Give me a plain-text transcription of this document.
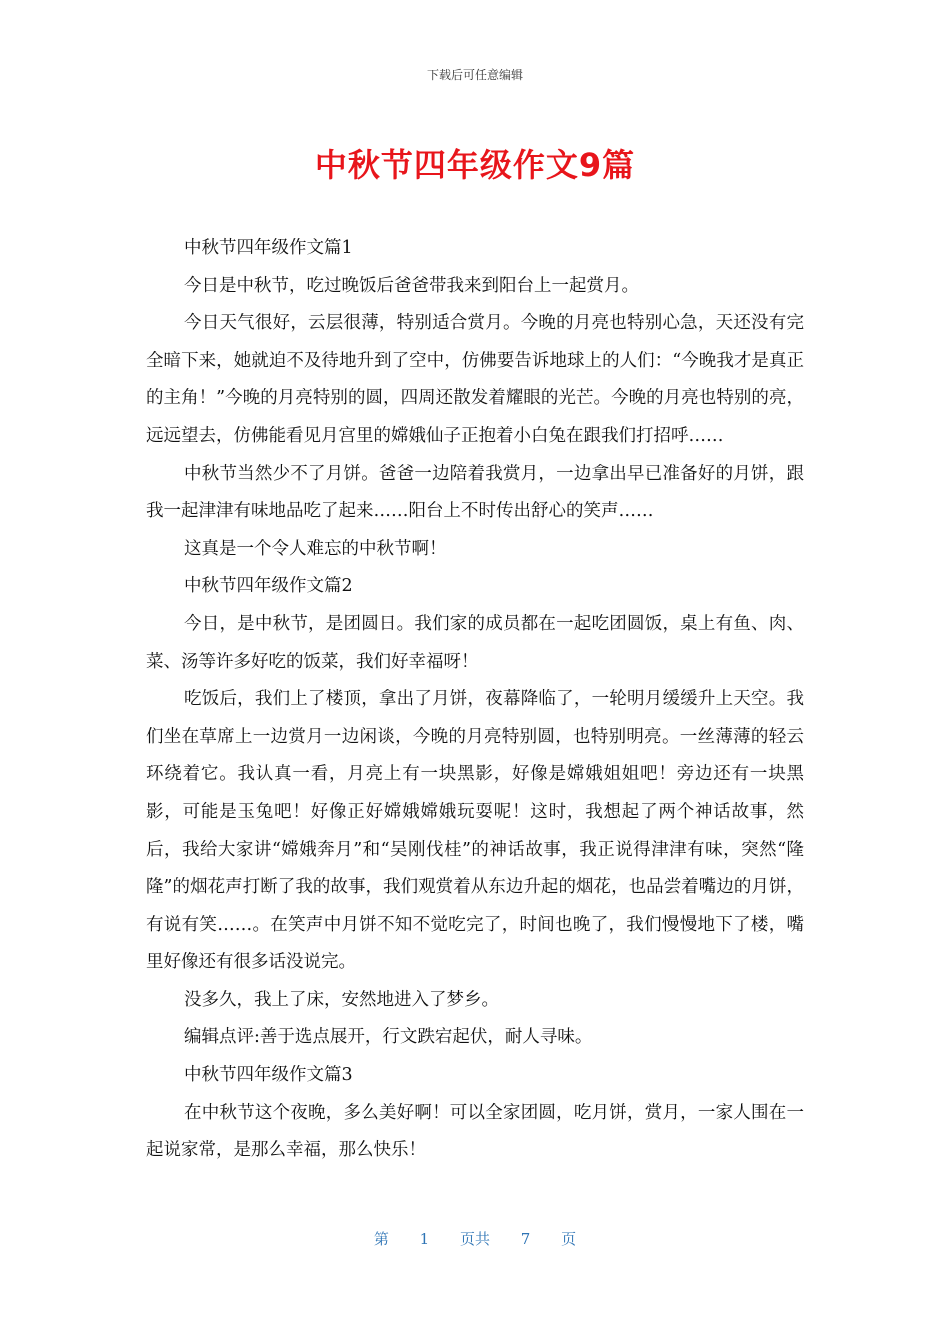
下载后可任意编辑
中秋节四年级作文9篇

中秋节四年级作文篇1

今日是中秋节，吃过晚饭后爸爸带我来到阳台上一起赏月。

今日天气很好，云层很薄，特别适合赏月。今晚的月亮也特别心急，天还没有完全暗下来，她就迫不及待地升到了空中，仿佛要告诉地球上的人们：“今晚我才是真正的主角！”今晚的月亮特别的圆，四周还散发着耀眼的光芒。今晚的月亮也特别的亮，远远望去，仿佛能看见月宫里的嫦娥仙子正抱着小白兔在跟我们打招呼……

中秋节当然少不了月饼。爸爸一边陪着我赏月，一边拿出早已准备好的月饼，跟我一起津津有味地品吃了起来……阳台上不时传出舒心的笑声……

这真是一个令人难忘的中秋节啊！

中秋节四年级作文篇2

今日，是中秋节，是团圆日。我们家的成员都在一起吃团圆饭，桌上有鱼、肉、菜、汤等许多好吃的饭菜，我们好幸福呀！

吃饭后，我们上了楼顶，拿出了月饼，夜幕降临了，一轮明月缓缓升上天空。我们坐在草席上一边赏月一边闲谈，今晚的月亮特别圆，也特别明亮。一丝薄薄的轻云环绕着它。我认真一看，月亮上有一块黑影，好像是嫦娥姐姐吧！旁边还有一块黑影，可能是玉兔吧！好像正好嫦娥嫦娥玩耍呢！这时，我想起了两个神话故事，然后，我给大家讲“嫦娥奔月”和“吴刚伐桂”的神话故事，我正说得津津有味，突然“隆隆”的烟花声打断了我的故事，我们观赏着从东边升起的烟花，也品尝着嘴边的月饼，有说有笑……。在笑声中月饼不知不觉吃完了，时间也晚了，我们慢慢地下了楼，嘴里好像还有很多话没说完。

没多久，我上了床，安然地进入了梦乡。

编辑点评:善于选点展开，行文跌宕起伏，耐人寻味。

中秋节四年级作文篇3

在中秋节这个夜晚，多么美好啊！可以全家团圆，吃月饼，赏月，一家人围在一起说家常，是那么幸福，那么快乐！

第 1 页共 7 页
